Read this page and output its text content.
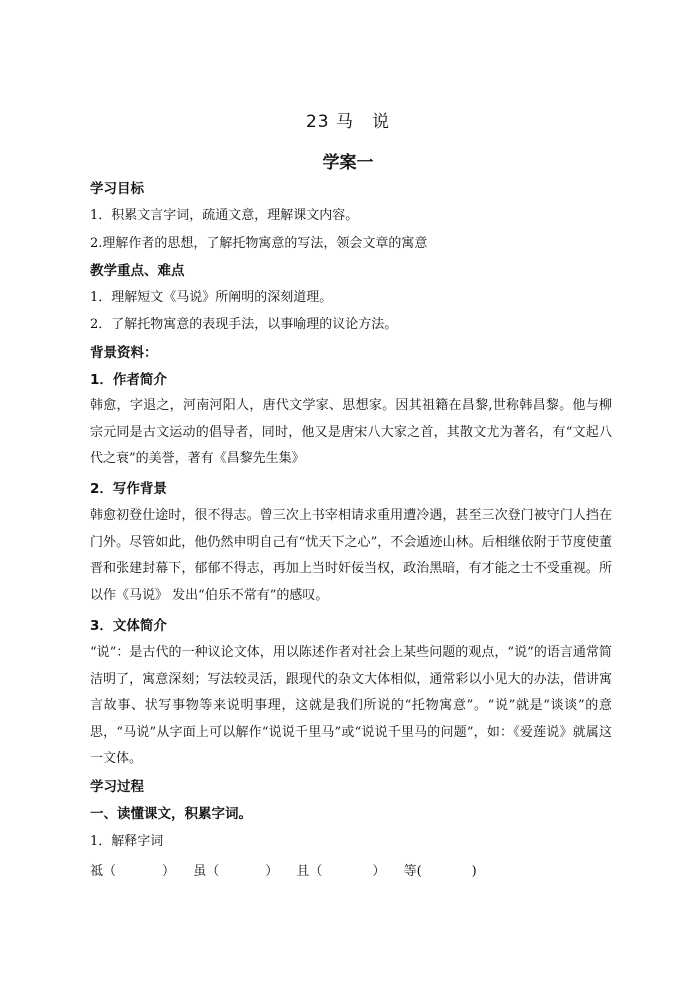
23 马 说
学案一
学习目标
1．积累文言字词，疏通文意，理解课文内容。
2.理解作者的思想，了解托物寓意的写法，领会文章的寓意
教学重点、难点
1．理解短文《马说》所阐明的深刻道理。
2．了解托物寓意的表现手法，以事喻理的议论方法。
背景资料：
1．作者简介
韩愈，字退之，河南河阳人，唐代文学家、思想家。因其祖籍在昌黎,世称韩昌黎。他与柳宗元同是古文运动的倡导者，同时，他又是唐宋八大家之首，其散文尤为著名，有“文起八代之衰”的美誉，著有《昌黎先生集》
2．写作背景
韩愈初登仕途时，很不得志。曾三次上书宰相请求重用遭冷遇，甚至三次登门被守门人挡在门外。尽管如此，他仍然申明自己有“忧天下之心”，不会遁迹山林。后相继依附于节度使董晋和张建封幕下，郁郁不得志，再加上当时奸佞当权，政治黑暗，有才能之士不受重视。所以作《马说》 发出“伯乐不常有”的感叹。
3．文体简介
“说”：是古代的一种议论文体，用以陈述作者对社会上某些问题的观点，“说”的语言通常简洁明了，寓意深刻；写法较灵活，跟现代的杂文大体相似，通常彩以小见大的办法，借讲寓言故事、状写事物等来说明事理，这就是我们所说的“托物寓意”。“说”就是“谈谈”的意思，“马说”从字面上可以解作“说说千里马”或“说说千里马的问题”，如：《爱莲说》就属这一文体。
学习过程
一、读懂课文，积累字词。
1．解释字词
祗（	） 虽（	） 且（	） 等(	)
